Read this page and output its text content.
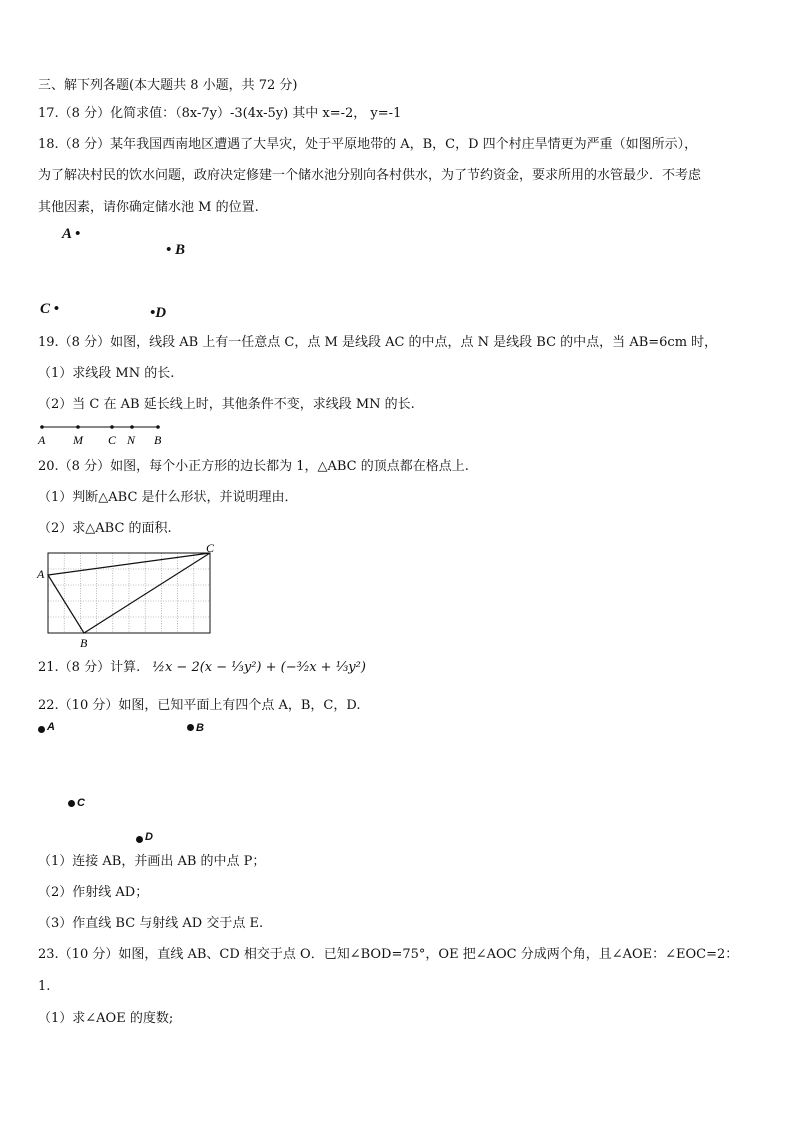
三、解下列各题(本大题共 8 小题，共 72 分)
17.（8 分）化简求值：（8x-7y）-3(4x-5y) 其中 x=-2， y=-1
18.（8 分）某年我国西南地区遭遇了大旱灾，处于平原地带的 A，B，C，D 四个村庄旱情更为严重（如图所示），
为了解决村民的饮水问题，政府决定修建一个储水池分别向各村供水，为了节约资金，要求所用的水管最少．不考虑
其他因素，请你确定储水池 M 的位置.
A •
• B
C •	•D
19.（8 分）如图，线段 AB 上有一任意点 C，点 M 是线段 AC 的中点，点 N 是线段 BC 的中点，当 AB=6cm 时，
（1）求线段 MN 的长.
（2）当 C 在 AB 延长线上时，其他条件不变，求线段 MN 的长.
A M C N B
20.（8 分）如图，每个小正方形的边长都为 1，△ABC 的顶点都在格点上.
（1）判断△ABC 是什么形状，并说明理由．
（2）求△ABC 的面积.
A
B
C
21.（8 分）计算. ½x − 2(x − ⅓y²) + (−³⁄₂x + ⅓y²)
22.（10 分）如图，已知平面上有四个点 A，B，C，D.
A	B
C
D
（1）连接 AB，并画出 AB 的中点 P；
（2）作射线 AD；
（3）作直线 BC 与射线 AD 交于点 E.
23.（10 分）如图，直线 AB、CD 相交于点 O．已知∠BOD=75°，OE 把∠AOC 分成两个角，且∠AOE：∠EOC=2：
1.
（1）求∠AOE 的度数;
